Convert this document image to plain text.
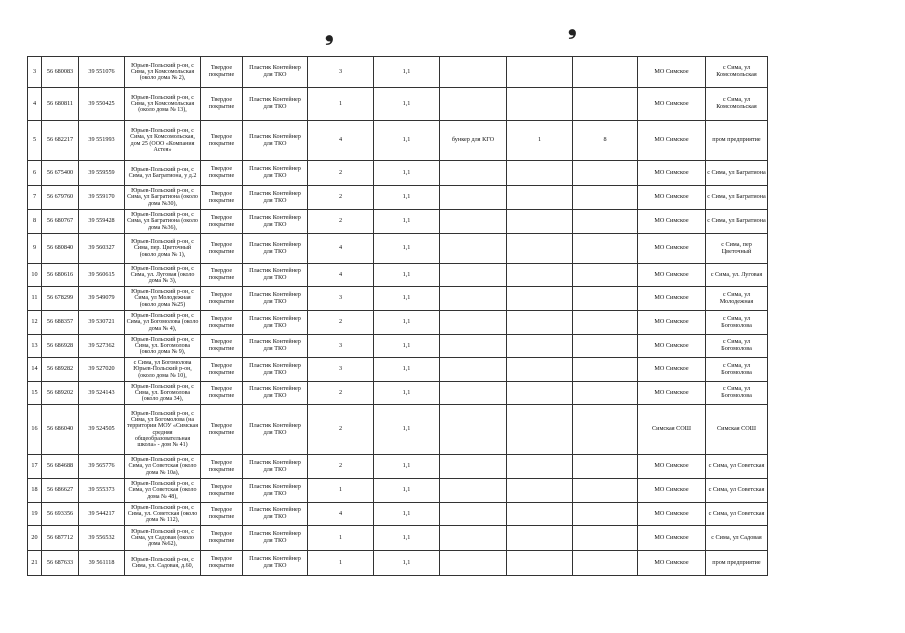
❟	❟
3	56 680083	39 551076	Юрьев-Польский р-он, с Сима, ул Комсомольская (около дома № 2),	Твердое покрытие	Пластик Контейнер для ТКО	3	1,1				МО Симское	с Сима, ул Комсомольская
4	56 680811	39 550425	Юрьев-Польский р-он, с Сима, ул Комсомольская (около дома № 13),	Твердое покрытие	Пластик Контейнер для ТКО	1	1,1				МО Симское	с Сима, ул Комсомольская
5	56 682217	39 551993	Юрьев-Польский р-он, с Сима, ул Комсомольская, дом 25 (ООО «Компания Астея»	Твердое покрытие	Пластик Контейнер для ТКО	4	1,1	бункер для КГО	1	8	МО Симское	пром предприятие
6	56 675400	39 559559	Юрьев-Польский р-он, с Сима, ул Багратиона, у д.2	Твердое покрытие	Пластик Контейнер для ТКО	2	1,1				МО Симское	с Сима, ул Багратиона
7	56 679760	39 559170	Юрьев-Польский р-он, с Сима, ул Багратиона (около дома №30),	Твердое покрытие	Пластик Контейнер для ТКО	2	1,1				МО Симское	с Сима, ул Багратиона
8	56 680767	39 559428	Юрьев-Польский р-он, с Сима, ул Багратиона (около дома №36),	Твердое покрытие	Пластик Контейнер для ТКО	2	1,1				МО Симское	с Сима, ул Багратиона
9	56 680840	39 560327	Юрьев-Польский р-он, с Сима, пер. Цветочный (около дома № 1),	Твердое покрытие	Пластик Контейнер для ТКО	4	1,1				МО Симское	с Сима, пер Цветочный
10	56 680616	39 560615	Юрьев-Польский р-он, с Сима, ул. Луговая (около дома № 3),	Твердое покрытие	Пластик Контейнер для ТКО	4	1,1				МО Симское	с Сима, ул. Луговая
11	56 678299	39 549079	Юрьев-Польский р-он, с Сима, ул Молодежная (около дома №25)	Твердое покрытие	Пластик Контейнер для ТКО	3	1,1				МО Симское	с Сима, ул Молодежная
12	56 688357	39 530721	Юрьев-Польский р-он, с Сима, ул Богомолова (около дома № 4),	Твердое покрытие	Пластик Контейнер для ТКО	2	1,1				МО Симское	с Сима, ул Богомолова
13	56 686928	39 527362	Юрьев-Польский р-он, с Сима, ул. Богомолова (около дома № 9),	Твердое покрытие	Пластик Контейнер для ТКО	3	1,1				МО Симское	с Сима, ул Богомолова
14	56 689282	39 527020	с Сима, ул Богомолова Юрьев-Польский р-он, (около дома № 10),	Твердое покрытие	Пластик Контейнер для ТКО	3	1,1				МО Симское	с Сима, ул Богомолова
15	56 689202	39 524143	Юрьев-Польский р-он, с Сима, ул. Богомолова (около дома 34),	Твердое покрытие	Пластик Контейнер для ТКО	2	1,1				МО Симское	с Сима, ул Богомолова
16	56 686040	39 524505	Юрьев-Польский р-он, с Сима, ул Богомолова (на территории МОУ «Симская средняя общеобразовательная школа» - дом № 41)	Твердое покрытие	Пластик Контейнер для ТКО	2	1,1				Симская СОШ	Симская СОШ
17	56 684688	39 565776	Юрьев-Польский р-он, с Сима, ул Советская (около дома № 10а),	Твердое покрытие	Пластик Контейнер для ТКО	2	1,1				МО Симское	с Сима, ул Советская
18	56 686627	39 555373	Юрьев-Польский р-он, с Сима, ул Советская (около дома № 48),	Твердое покрытие	Пластик Контейнер для ТКО	1	1,1				МО Симское	с Сима, ул Советская
19	56 693356	39 544217	Юрьев-Польский р-он, с Сима, ул. Советская (около дома № 112),	Твердое покрытие	Пластик Контейнер для ТКО	4	1,1				МО Симское	с Сима, ул Советская
20	56 687712	39 556532	Юрьев-Польский р-он, с Сима, ул Садовая (около дома №62),	Твердое покрытие	Пластик Контейнер для ТКО	1	1,1				МО Симское	с Сима, ул Садовая
21	56 687633	39 561118	Юрьев-Польский р-он, с Сима, ул. Садовая, д.60,	Твердое покрытие	Пластик Контейнер для ТКО	1	1,1				МО Симское	пром предприятие
